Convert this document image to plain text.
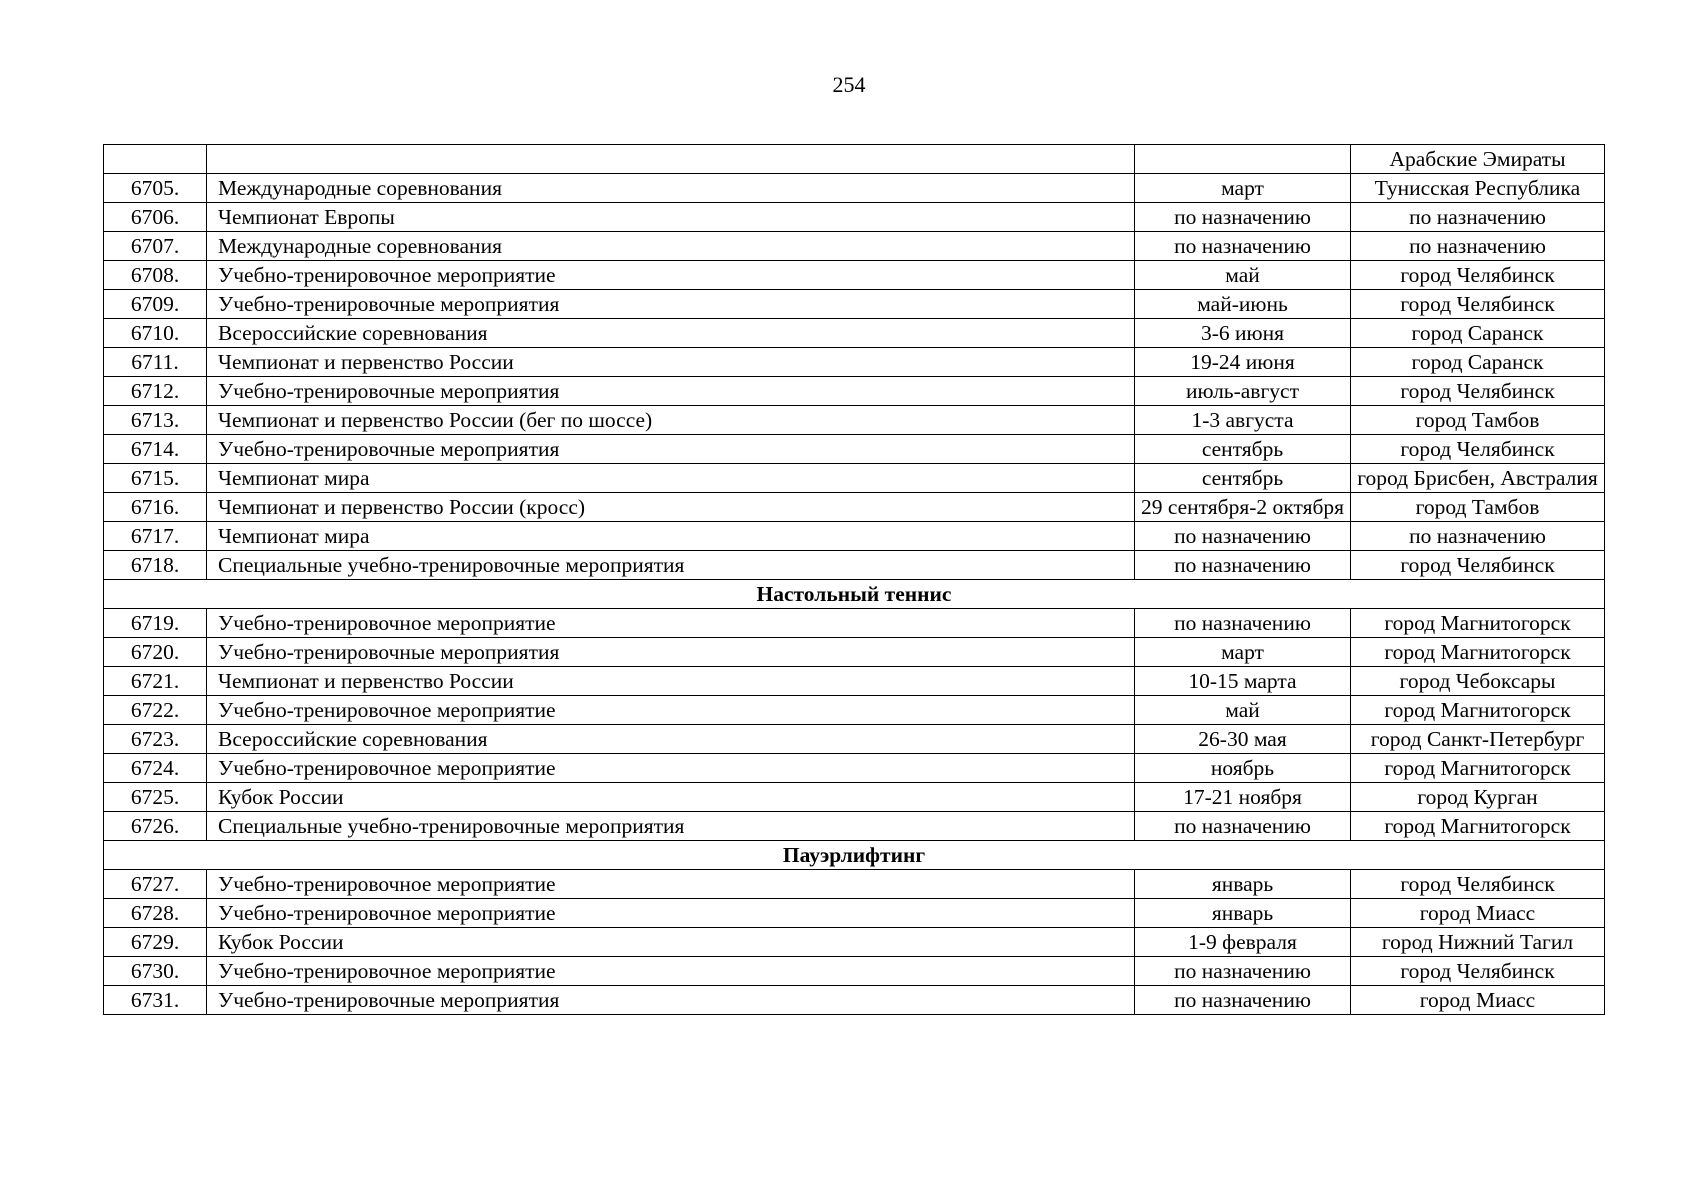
254
			Арабские Эмираты
6705.	Международные соревнования	март	Тунисская Республика
6706.	Чемпионат Европы	по назначению	по назначению
6707.	Международные соревнования	по назначению	по назначению
6708.	Учебно-тренировочное мероприятие	май	город Челябинск
6709.	Учебно-тренировочные мероприятия	май-июнь	город Челябинск
6710.	Всероссийские соревнования	3-6 июня	город Саранск
6711.	Чемпионат и первенство России	19-24 июня	город Саранск
6712.	Учебно-тренировочные мероприятия	июль-август	город Челябинск
6713.	Чемпионат и первенство России (бег по шоссе)	1-3 августа	город Тамбов
6714.	Учебно-тренировочные мероприятия	сентябрь	город Челябинск
6715.	Чемпионат мира	сентябрь	город Брисбен, Австралия
6716.	Чемпионат и первенство России (кросс)	29 сентября-2 октября	город Тамбов
6717.	Чемпионат мира	по назначению	по назначению
6718.	Специальные учебно-тренировочные мероприятия	по назначению	город Челябинск
Настольный теннис			
6719.	Учебно-тренировочное мероприятие	по назначению	город Магнитогорск
6720.	Учебно-тренировочные мероприятия	март	город Магнитогорск
6721.	Чемпионат и первенство России	10-15 марта	город Чебоксары
6722.	Учебно-тренировочное мероприятие	май	город Магнитогорск
6723.	Всероссийские соревнования	26-30 мая	город Санкт-Петербург
6724.	Учебно-тренировочное мероприятие	ноябрь	город Магнитогорск
6725.	Кубок России	17-21 ноября	город Курган
6726.	Специальные учебно-тренировочные мероприятия	по назначению	город Магнитогорск
Пауэрлифтинг			
6727.	Учебно-тренировочное мероприятие	январь	город Челябинск
6728.	Учебно-тренировочное мероприятие	январь	город Миасс
6729.	Кубок России	1-9 февраля	город Нижний Тагил
6730.	Учебно-тренировочное мероприятие	по назначению	город Челябинск
6731.	Учебно-тренировочные мероприятия	по назначению	город Миасс
